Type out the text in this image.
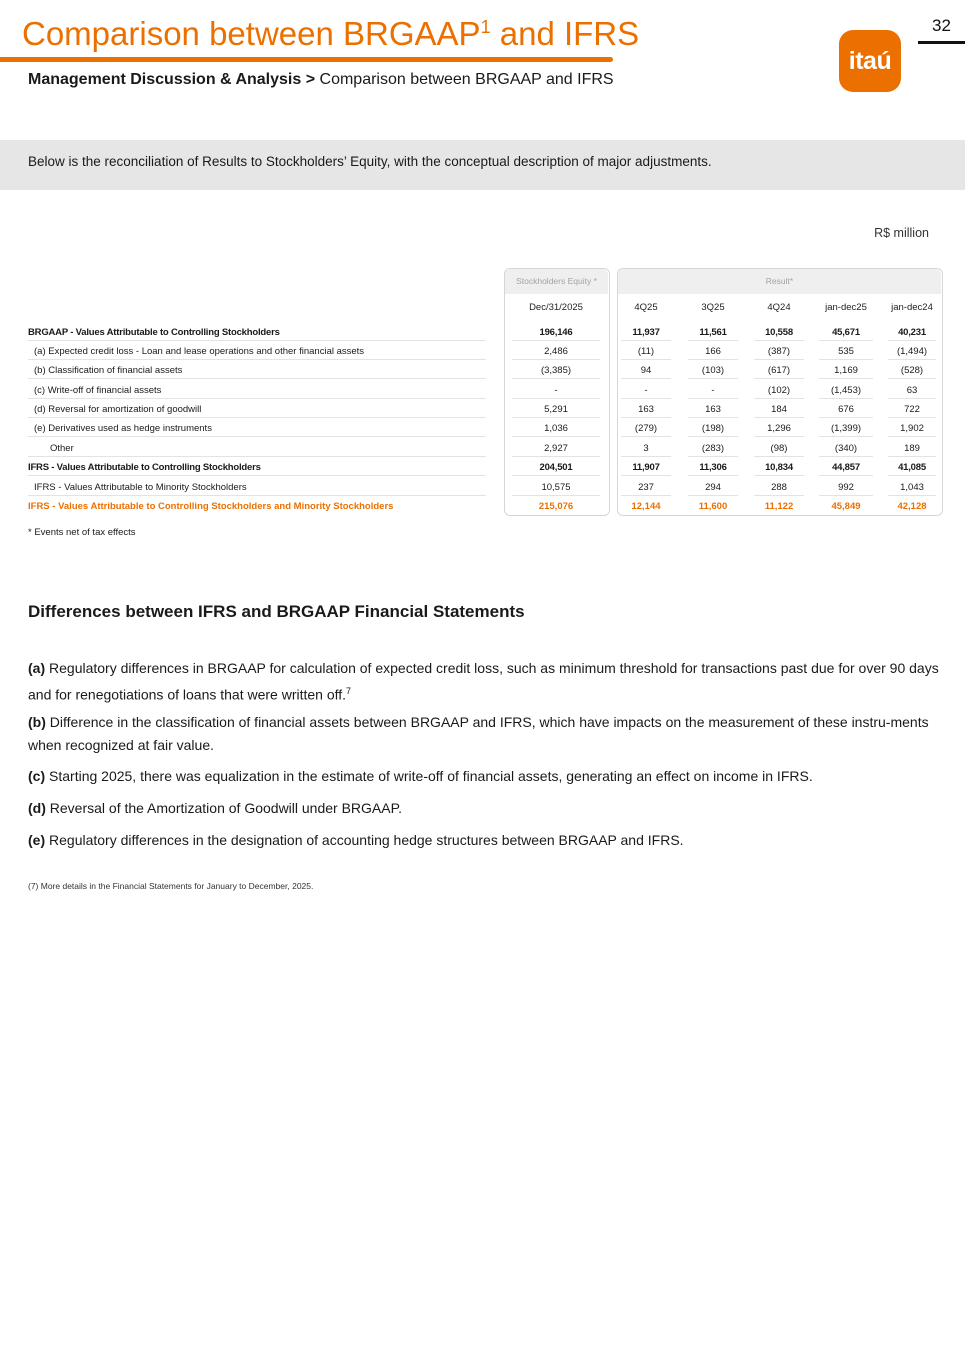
Comparison between BRGAAP$^1$ and IFRS	32
itaú
Management Discussion & Analysis > Comparison between BRGAAP and IFRS
Below is the reconciliation of Results to Stockholders’ Equity, with the conceptual description of major adjustments.
R$ million
Stockholders Equity *	Result*
Dec/31/2025	4Q25	3Q25	4Q24	jan-dec25	jan-dec24
BRGAAP - Values Attributable to Controlling Stockholders	196,146	11,937	11,561	10,558	45,671	40,231
(a) Expected credit loss - Loan and lease operations and other financial assets	2,486	(11)	166	(387)	535	(1,494)
(b) Classification of financial assets	(3,385)	94	(103)	(617)	1,169	(528)
(c) Write-off of financial assets	-	-	-	(102)	(1,453)	63
(d) Reversal for amortization of goodwill	5,291	163	163	184	676	722
(e) Derivatives used as hedge instruments	1,036	(279)	(198)	1,296	(1,399)	1,902
Other	2,927	3	(283)	(98)	(340)	189
IFRS - Values Attributable to Controlling Stockholders	204,501	11,907	11,306	10,834	44,857	41,085
IFRS - Values Attributable to Minority Stockholders	10,575	237	294	288	992	1,043
IFRS - Values Attributable to Controlling Stockholders and Minority Stockholders	215,076	12,144	11,600	11,122	45,849	42,128
* Events net of tax effects
Differences between IFRS and BRGAAP Financial Statements
(a) Regulatory differences in BRGAAP for calculation of expected credit loss, such as minimum threshold for transactions past due for over 90 days and for renegotiations of loans that were written off.$^7$
(b) Difference in the classification of financial assets between BRGAAP and IFRS, which have impacts on the measurement of these instru-ments when recognized at fair value.
(c) Starting 2025, there was equalization in the estimate of write-off of financial assets, generating an effect on income in IFRS.
(d) Reversal of the Amortization of Goodwill under BRGAAP.
(e) Regulatory differences in the designation of accounting hedge structures between BRGAAP and IFRS.
(7) More details in the Financial Statements for January to December, 2025.
